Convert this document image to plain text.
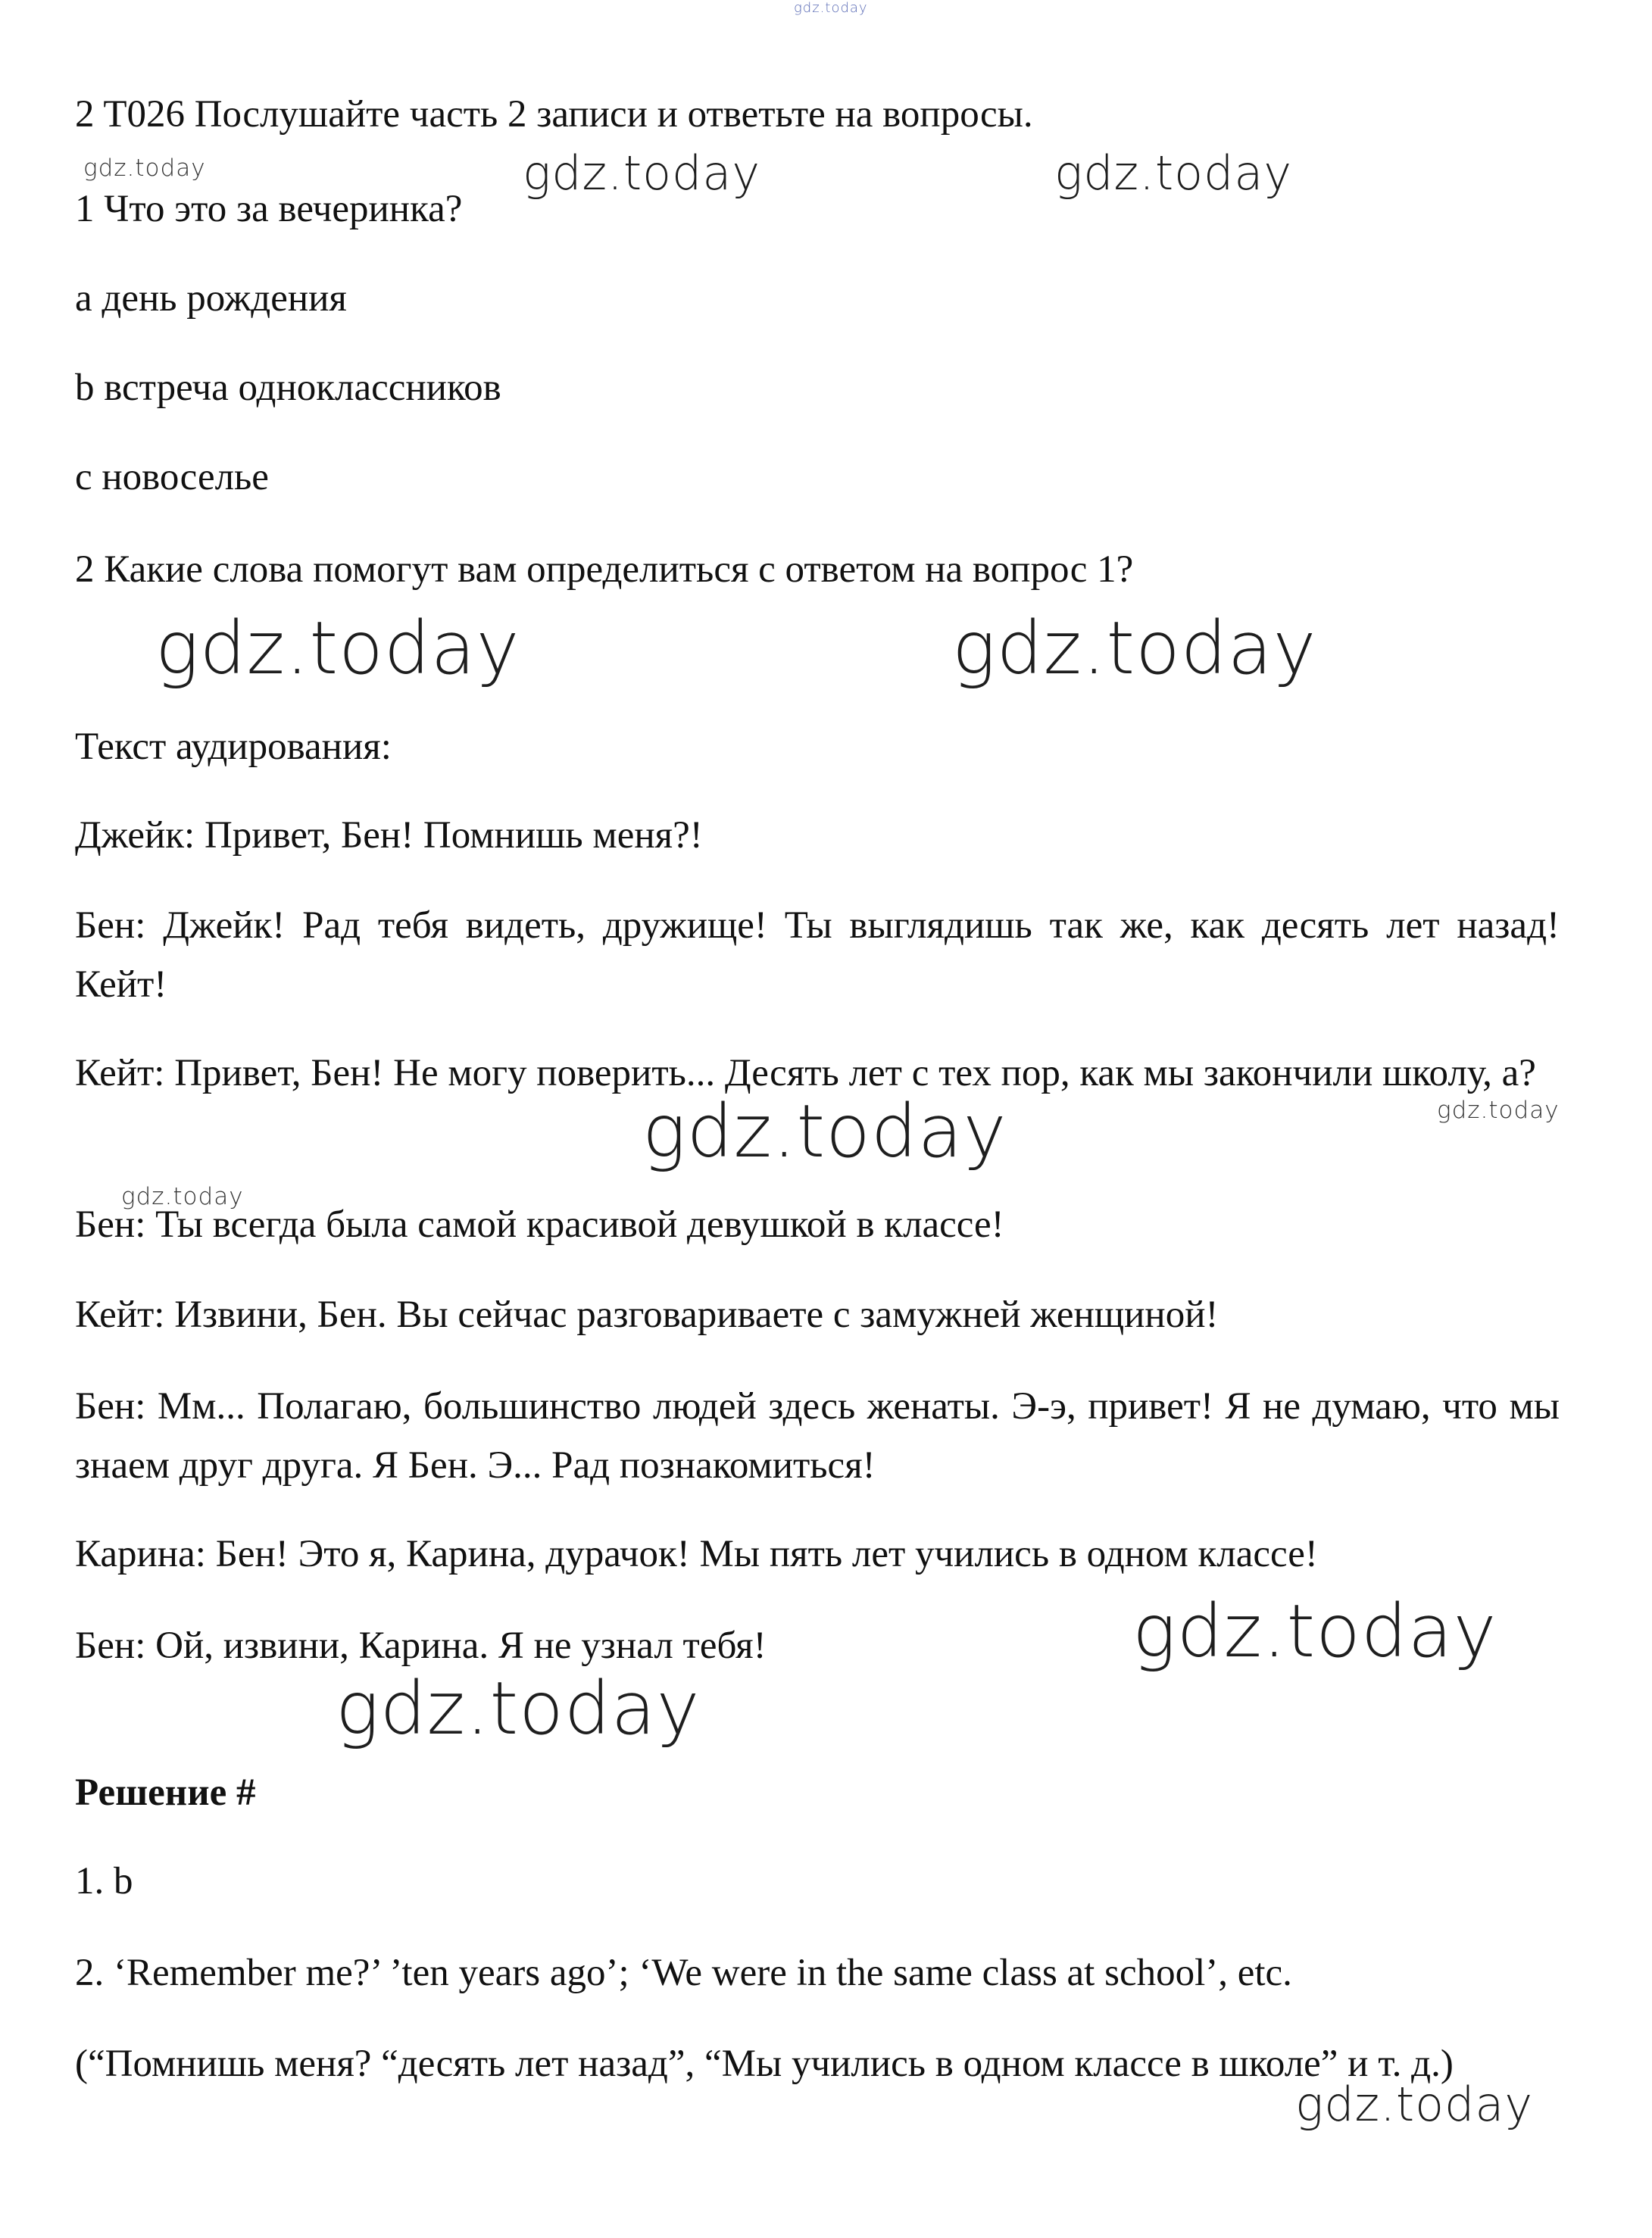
gdz.today
gdz.today	gdz.today	gdz.today
gdz.today	gdz.today
gdz.today	gdz.today
gdz.today
gdz.today
gdz.today
gdz.today

2 T026 Послушайте часть 2 записи и ответьте на вопросы.

1 Что это за вечеринка?

a день рождения

b встреча одноклассников

c новоселье

2 Какие слова помогут вам определиться с ответом на вопрос 1?

Текст аудирования:

Джейк: Привет, Бен! Помнишь меня?!

Бен: Джейк! Рад тебя видеть, дружище! Ты выглядишь так же, как десять лет назад! Кейт!

Кейт: Привет, Бен! Не могу поверить... Десять лет с тех пор, как мы закончили школу, а?

Бен: Ты всегда была самой красивой девушкой в классе!

Кейт: Извини, Бен. Вы сейчас разговариваете с замужней женщиной!

Бен: Мм... Полагаю, большинство людей здесь женаты. Э-э, привет! Я не думаю, что мы знаем друг друга. Я Бен. Э... Рад познакомиться!

Карина: Бен! Это я, Карина, дурачок! Мы пять лет учились в одном классе!

Бен: Ой, извини, Карина. Я не узнал тебя!

Решение #

1. b

2. ‘Remember me?’ ’ten years ago’; ‘We were in the same class at school’, etc.

(“Помнишь меня? “десять лет назад”, “Мы учились в одном классе в школе” и т. д.)
